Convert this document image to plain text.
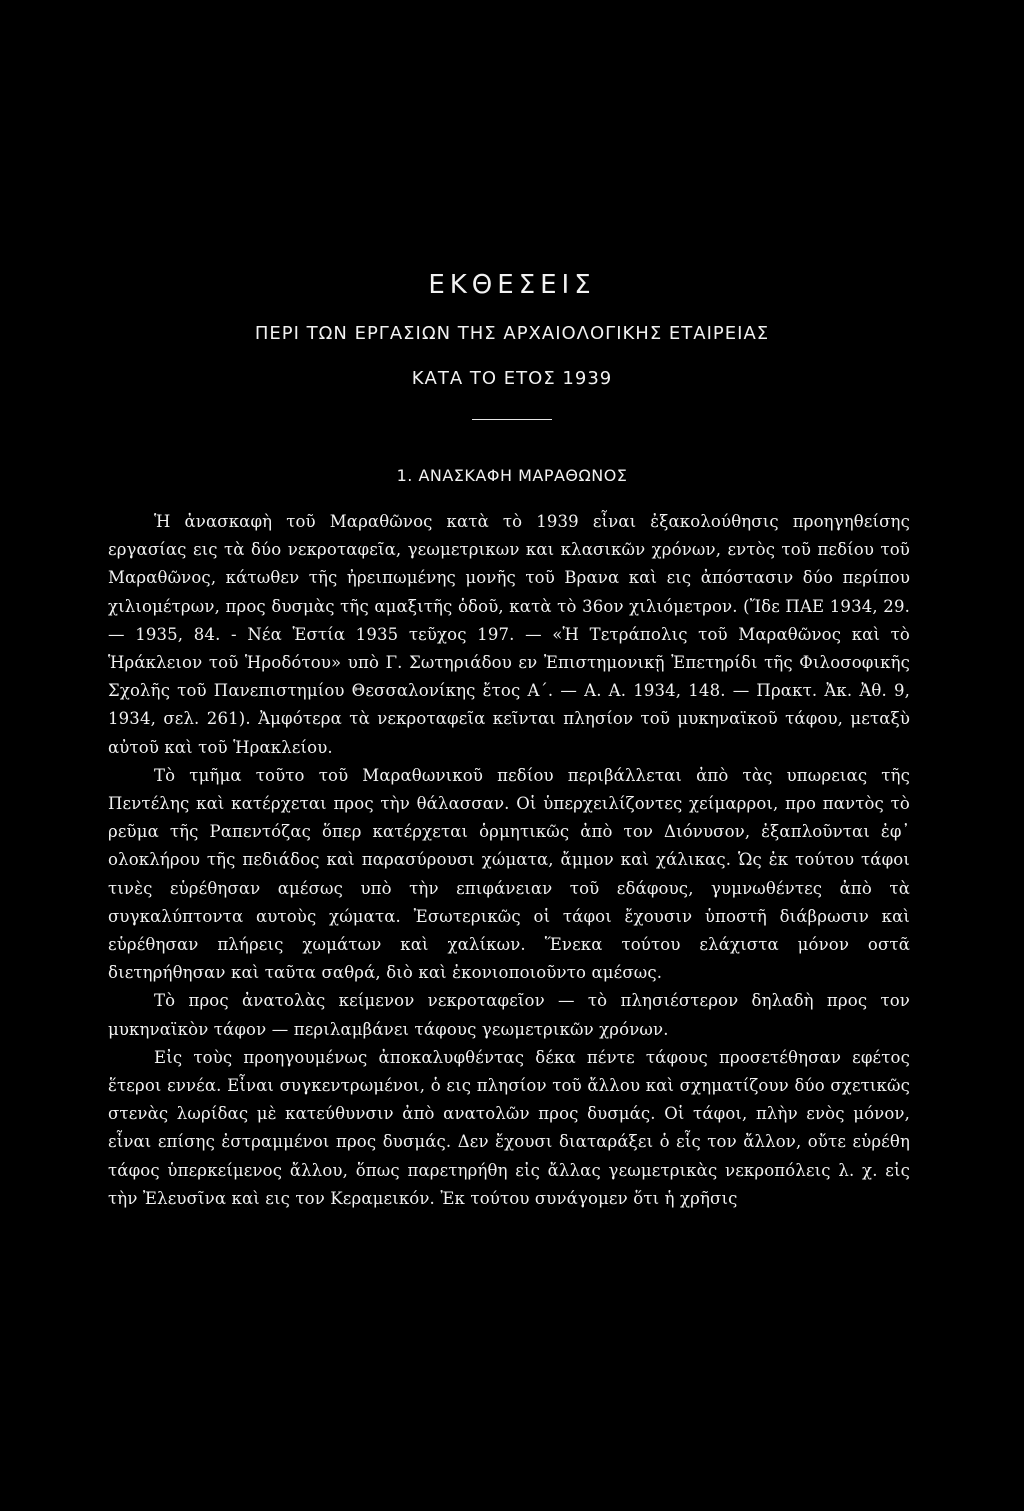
ΕΚΘΕΣΕΙΣ
ΠΕΡΙ ΤΩΝ ΕΡΓΑΣΙΩΝ ΤΗΣ ΑΡΧΑΙΟΛΟΓΙΚΗΣ ΕΤΑΙΡΕΙΑΣ
ΚΑΤΑ ΤΟ ΕΤΟΣ 1939
1. ΑΝΑΣΚΑΦΗ ΜΑΡΑΘΩΝΟΣ

Ἡ ἀνασκαφὴ τοῦ Μαραθῶνος κατὰ τὸ 1939 εἶναι ἐξακολούθησις προηγηθείσης εργασίας εις τὰ δύο νεκροταφεῖα, γεωμετρικων και κλασικῶν χρόνων, εντὸς τοῦ πεδίου τοῦ Μαραθῶνος, κάτωθεν τῆς ἠρειπωμένης μονῆς τοῦ Βρανα καὶ εις ἀπόστασιν δύο περίπου χιλιομέτρων, προς δυσμὰς τῆς αμαξιτῆς ὁδοῦ, κατὰ τὸ 36ον χιλιόμετρον. (Ἴδε ΠΑΕ 1934, 29. — 1935, 84. - Νέα Ἑστία 1935 τεῦχος 197. — «Ἡ Τετράπολις τοῦ Μαραθῶνος καὶ τὸ Ἡράκλειον τοῦ Ἡροδότου» υπὸ Γ. Σωτηριάδου εν Ἐπιστημονικῇ Ἐπετηρίδι τῆς Φιλοσοφικῆς Σχολῆς τοῦ Πανεπιστημίου Θεσσαλονίκης ἔτος Α΄. — Α. Α. 1934, 148. — Πρακτ. Ἀκ. Ἀθ. 9, 1934, σελ. 261). Ἀμφότερα τὰ νεκροταφεῖα κεῖνται πλησίον τοῦ μυκηναϊκοῦ τάφου, μεταξὺ αὐτοῦ καὶ τοῦ Ἡρακλείου.

Τὸ τμῆμα τοῦτο τοῦ Μαραθωνικοῦ πεδίου περιβάλλεται ἀπὸ τὰς υπωρειας τῆς Πεντέλης καὶ κατέρχεται προς τὴν θάλασσαν. Οἱ ὑπερχειλίζοντες χείμαρροι, προ παντὸς τὸ ρεῦμα τῆς Ραπεντόζας ὅπερ κατέρχεται ὁρμητικῶς ἀπὸ τον Διόνυσον, ἐξαπλοῦνται ἐφ᾽ ολοκλήρου τῆς πεδιάδος καὶ παρασύρουσι χώματα, ἄμμον καὶ χάλικας. Ὡς ἐκ τούτου τάφοι τινὲς εὑρέθησαν αμέσως υπὸ τὴν επιφάνειαν τοῦ εδάφους, γυμνωθέντες ἀπὸ τὰ συγκαλύπτοντα αυτοὺς χώματα. Ἐσωτερικῶς οἱ τάφοι ἔχουσιν ὑποστῆ διάβρωσιν καὶ εὑρέθησαν πλήρεις χωμάτων καὶ χαλίκων. Ἕνεκα τούτου ελάχιστα μόνον οστᾶ διετηρήθησαν καὶ ταῦτα σαθρά, διὸ καὶ ἐκονιοποιοῦντο αμέσως.

Τὸ προς ἀνατολὰς κείμενον νεκροταφεῖον — τὸ πλησιέστερον δηλαδὴ προς τον μυκηναϊκὸν τάφον — περιλαμβάνει τάφους γεωμετρικῶν χρόνων.

Εἰς τοὺς προηγουμένως ἀποκαλυφθέντας δέκα πέντε τάφους προσετέθησαν εφέτος ἕτεροι εννέα. Εἶναι συγκεντρωμένοι, ὁ εις πλησίον τοῦ ἄλλου καὶ σχηματίζουν δύο σχετικῶς στενὰς λωρίδας μὲ κατεύθυνσιν ἀπὸ ανατολῶν προς δυσμάς. Οἱ τάφοι, πλὴν ενὸς μόνον, εἶναι επίσης ἐστραμμένοι προς δυσμάς. Δεν ἔχουσι διαταράξει ὁ εἷς τον ἄλλον, οὔτε εὑρέθη τάφος ὑπερκείμενος ἄλλου, ὅπως παρετηρήθη εἰς ἄλλας γεωμετρικὰς νεκροπόλεις λ. χ. εἰς τὴν Ἐλευσῖνα καὶ εις τον Κεραμεικόν. Ἐκ τούτου συνάγομεν ὅτι ἡ χρῆσις
